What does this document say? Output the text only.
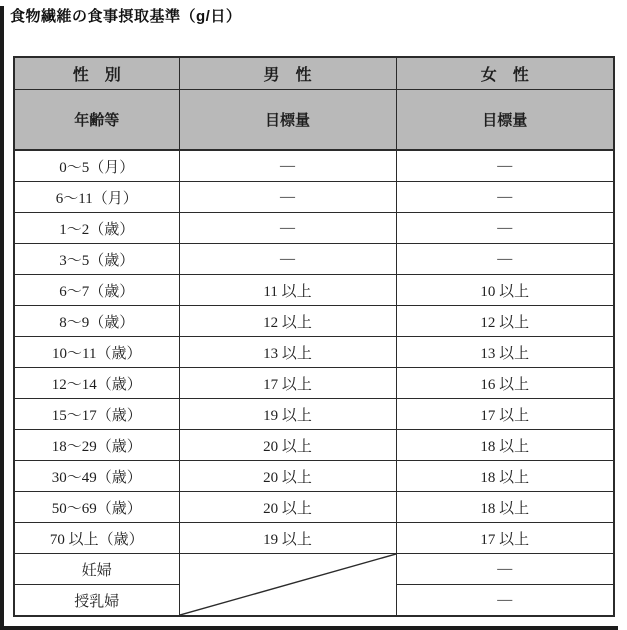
食物繊維の食事摂取基準（g/日）
性　別	男　性	女　性
年齢等	目標量	目標量
0～5（月）	―	―
6～11（月）	―	―
1～2（歳）	―	―
3～5（歳）	―	―
6～7（歳）	11 以上	10 以上
8～9（歳）	12 以上	12 以上
10～11（歳）	13 以上	13 以上
12～14（歳）	17 以上	16 以上
15～17（歳）	19 以上	17 以上
18～29（歳）	20 以上	18 以上
30～49（歳）	20 以上	18 以上
50～69（歳）	20 以上	18 以上
70 以上（歳）	19 以上	17 以上
妊婦		―
授乳婦		―
